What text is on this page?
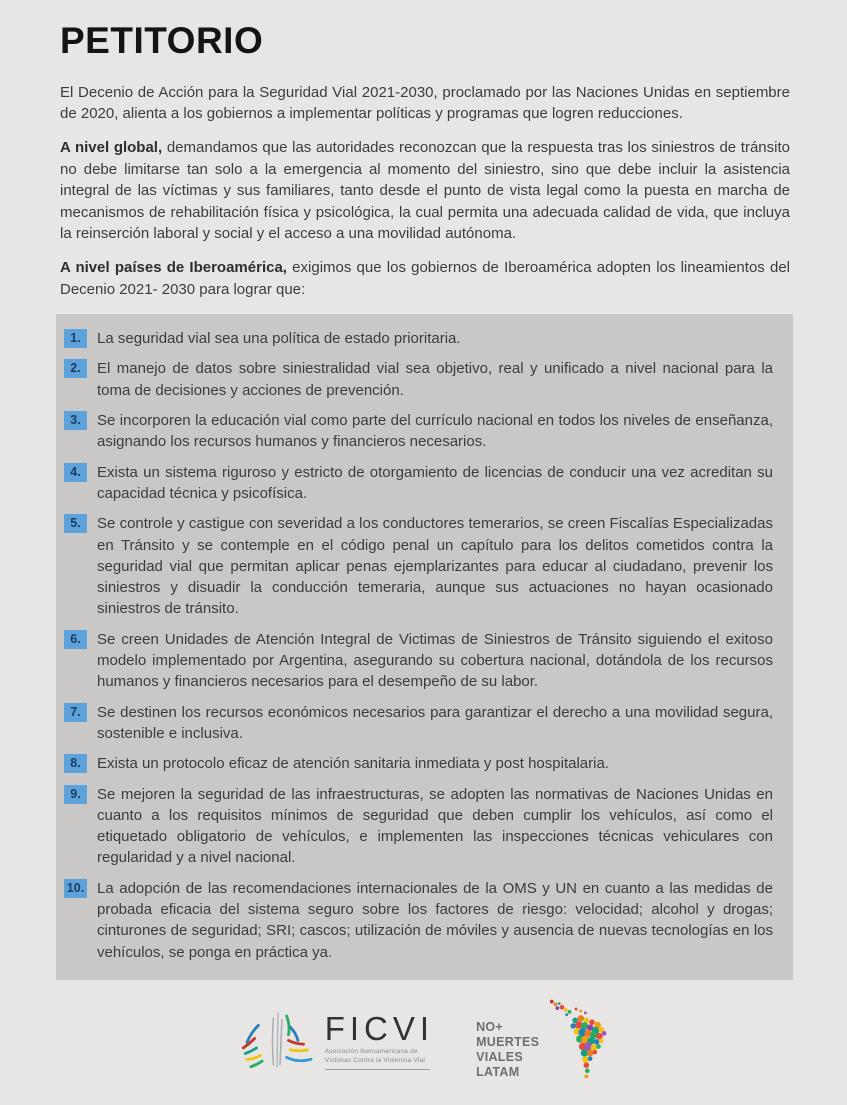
PETITORIO

El Decenio de Acción para la Seguridad Vial 2021-2030, proclamado por las Naciones Unidas en septiembre de 2020, alienta a los gobiernos a implementar políticas y programas que logren reducciones.

A nivel global, demandamos que las autoridades reconozcan que la respuesta tras los siniestros de tránsito no debe limitarse tan solo a la emergencia al momento del siniestro, sino que debe incluir la asistencia integral de las víctimas y sus familiares, tanto desde el punto de vista legal como la puesta en marcha de mecanismos de rehabilitación física y psicológica, la cual permita una adecuada calidad de vida, que incluya la reinserción laboral y social y el acceso a una movilidad autónoma.

A nivel países de Iberoamérica, exigimos que los gobiernos de Iberoamérica adopten los lineamientos del Decenio 2021- 2030 para lograr que:

1.	La seguridad vial sea una política de estado prioritaria.
2.	El manejo de datos sobre siniestralidad vial sea objetivo, real y unificado a nivel nacional para la toma de decisiones y acciones de prevención.
3.	Se incorporen la educación vial como parte del currículo nacional en todos los niveles de enseñanza, asignando los recursos humanos y financieros necesarios.
4.	Exista un sistema riguroso y estricto de otorgamiento de licencias de conducir una vez acreditan su capacidad técnica y psicofísica.
5.	Se controle y castigue con severidad a los conductores temerarios, se creen Fiscalías Especializadas en Tránsito y se contemple en el código penal un capítulo para los delitos cometidos contra la seguridad vial que permitan aplicar penas ejemplarizantes para educar al ciudadano, prevenir los siniestros y disuadir la conducción temeraria, aunque sus actuaciones no hayan ocasionado siniestros de tránsito.
6.	Se creen Unidades de Atención Integral de Victimas de Siniestros de Tránsito siguiendo el exitoso modelo implementado por Argentina, asegurando su cobertura nacional, dotándola de los recursos humanos y financieros necesarios para el desempeño de su labor.
7.	Se destinen los recursos económicos necesarios para garantizar el derecho a una movilidad segura, sostenible e inclusiva.
8.	Exista un protocolo eficaz de atención sanitaria inmediata y post hospitalaria.
9.	Se mejoren la seguridad de las infraestructuras, se adopten las normativas de Naciones Unidas en cuanto a los requisitos mínimos de seguridad que deben cumplir los vehículos, así como el etiquetado obligatorio de vehículos, e implementen las inspecciones técnicas vehiculares con regularidad y a nivel nacional.
10. La adopción de las recomendaciones internacionales de la OMS y UN en cuanto a las medidas de probada eficacia del sistema seguro sobre los factores de riesgo: velocidad; alcohol y drogas; cinturones de seguridad; SRI; cascos; utilización de móviles y ausencia de nuevas tecnologías en los vehículos, se ponga en práctica ya.
FICVI
Asociación Iberoamericana de
Víctimas Contra la Violencia Vial
NO+
MUERTES
VIALES
LATAM
